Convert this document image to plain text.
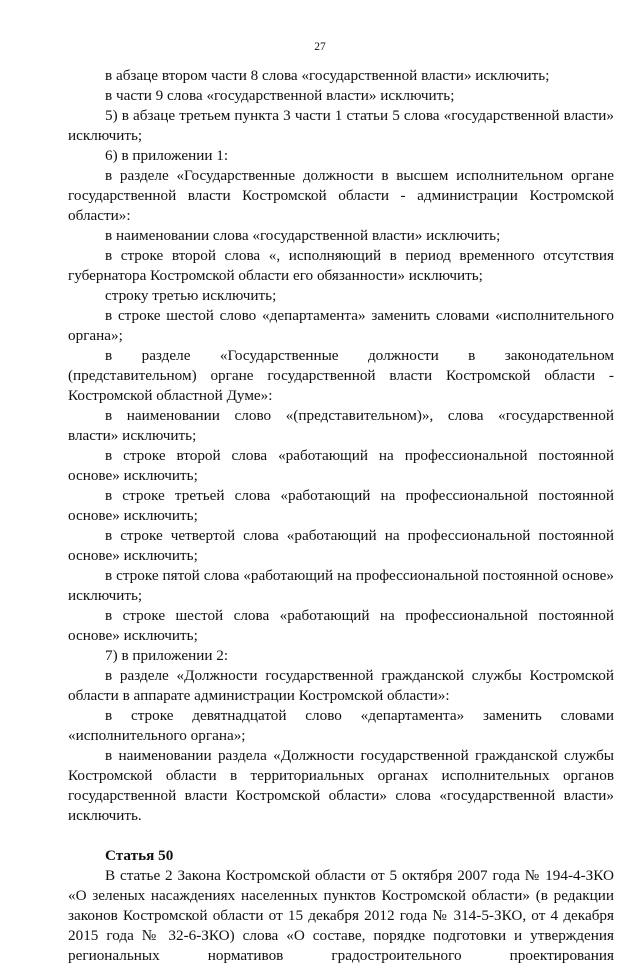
27

в абзаце втором части 8 слова «государственной власти» исключить;

в части 9 слова «государственной власти» исключить;

5) в абзаце третьем пункта 3 части 1 статьи 5 слова «государственной власти» исключить;

6) в приложении 1:

в разделе «Государственные должности в высшем исполнительном органе государственной власти Костромской области - администрации Костромской области»:

в наименовании слова «государственной власти» исключить;

в строке второй слова «, исполняющий в период временного отсутствия губернатора Костромской области его обязанности» исключить;

строку третью исключить;

в строке шестой слово «департамента» заменить словами «исполнительного органа»;

в разделе «Государственные должности в законодательном (представительном) органе государственной власти Костромской области - Костромской областной Думе»:

в наименовании слово «(представительном)», слова «государственной власти» исключить;

в строке второй слова «работающий на профессиональной постоянной основе» исключить;

в строке третьей слова «работающий на профессиональной постоянной основе» исключить;

в строке четвертой слова «работающий на профессиональной постоянной основе» исключить;

в строке пятой слова «работающий на профессиональной постоянной основе» исключить;

в строке шестой слова «работающий на профессиональной постоянной основе» исключить;

7) в приложении 2:

в разделе «Должности государственной гражданской службы Костромской области в аппарате администрации Костромской области»:

в строке девятнадцатой слово «департамента» заменить словами «исполнительного органа»;

в наименовании раздела «Должности государственной гражданской службы Костромской области в территориальных органах исполнительных органов государственной власти Костромской области» слова «государственной власти» исключить.

Статья 50

В статье 2 Закона Костромской области от 5 октября 2007 года № 194-4-ЗКО «О зеленых насаждениях населенных пунктов Костромской области» (в редакции законов Костромской области от 15 декабря 2012 года № 314-5-ЗКО, от 4 декабря 2015 года № 32-6-ЗКО) слова «О составе, порядке подготовки и утверждения региональных нормативов градостроительного проектирования
